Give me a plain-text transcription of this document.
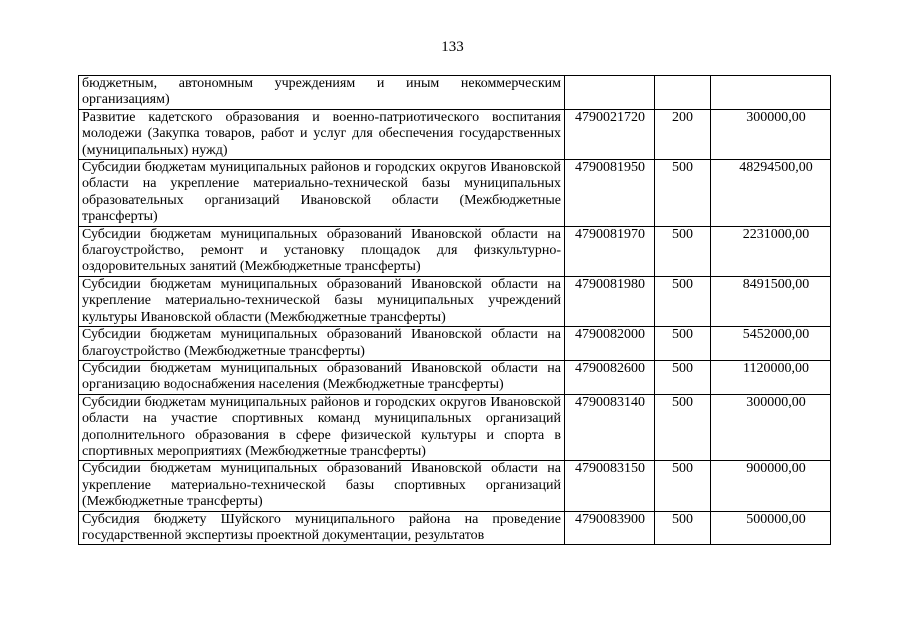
133
бюджетным, автономным учреждениям и иным некоммерческим организациям)			
Развитие кадетского образования и военно-патриотического воспитания молодежи (Закупка товаров, работ и услуг для обеспечения государственных (муниципальных) нужд)	4790021720	200	300000,00
Субсидии бюджетам муниципальных районов и городских округов Ивановской области на укрепление материально-технической базы муниципальных образовательных организаций Ивановской области (Межбюджетные трансферты)	4790081950	500	48294500,00
Субсидии бюджетам муниципальных образований Ивановской области на благоустройство, ремонт и установку площадок для физкультурно-оздоровительных занятий (Межбюджетные трансферты)	4790081970	500	2231000,00
Субсидии бюджетам муниципальных образований Ивановской области на укрепление материально-технической базы муниципальных учреждений культуры Ивановской области (Межбюджетные трансферты)	4790081980	500	8491500,00
Субсидии бюджетам муниципальных образований Ивановской области на благоустройство (Межбюджетные трансферты)	4790082000	500	5452000,00
Субсидии бюджетам муниципальных образований Ивановской области на организацию водоснабжения населения (Межбюджетные трансферты)	4790082600	500	1120000,00
Субсидии бюджетам муниципальных районов и городских округов Ивановской области на участие спортивных команд муниципальных организаций дополнительного образования в сфере физической культуры и спорта в спортивных мероприятиях (Межбюджетные трансферты)	4790083140	500	300000,00
Субсидии бюджетам муниципальных образований Ивановской области на укрепление материально-технической базы спортивных организаций (Межбюджетные трансферты)	4790083150	500	900000,00
Субсидия бюджету Шуйского муниципального района на проведение государственной экспертизы проектной документации, результатов	4790083900	500	500000,00
